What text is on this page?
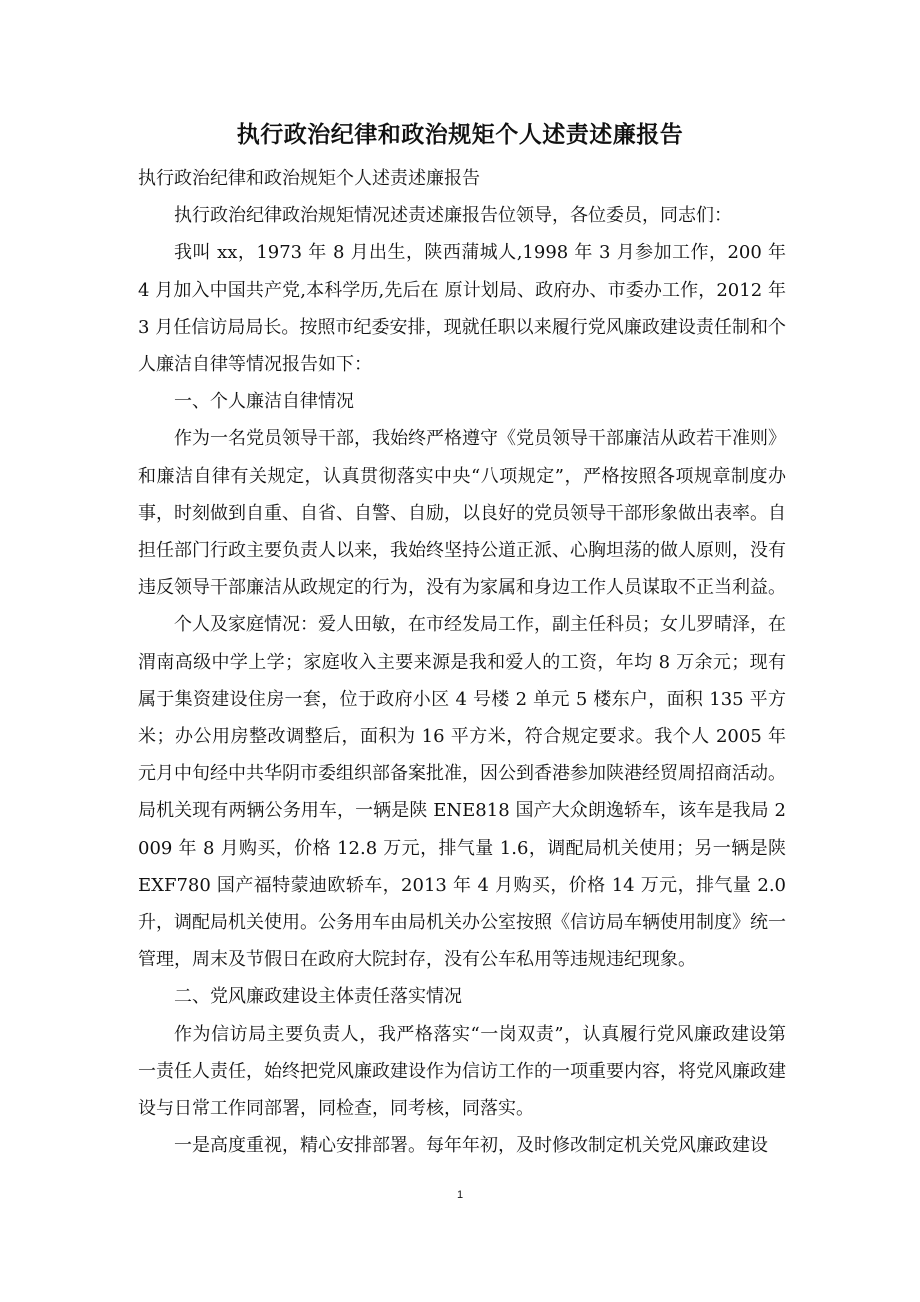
执行政治纪律和政治规矩个人述责述廉报告

执行政治纪律和政治规矩个人述责述廉报告

执行政治纪律政治规矩情况述责述廉报告位领导，各位委员，同志们：

我叫 xx，1973 年 8 月出生，陕西蒲城人,1998 年 3 月参加工作，200 年 4 月加入中国共产党,本科学历,先后在 原计划局、政府办、市委办工作，2012 年 3 月任信访局局长。按照市纪委安排，现就任职以来履行党风廉政建设责任制和个人廉洁自律等情况报告如下：

一、个人廉洁自律情况

作为一名党员领导干部，我始终严格遵守《党员领导干部廉洁从政若干准则》和廉洁自律有关规定，认真贯彻落实中央“八项规定”，严格按照各项规章制度办事，时刻做到自重、自省、自警、自励，以良好的党员领导干部形象做出表率。自担任部门行政主要负责人以来，我始终坚持公道正派、心胸坦荡的做人原则，没有违反领导干部廉洁从政规定的行为，没有为家属和身边工作人员谋取不正当利益。

个人及家庭情况：爱人田敏，在市经发局工作，副主任科员；女儿罗晴泽，在渭南高级中学上学；家庭收入主要来源是我和爱人的工资，年均 8 万余元；现有属于集资建设住房一套，位于政府小区 4 号楼 2 单元 5 楼东户，面积 135 平方米；办公用房整改调整后，面积为 16 平方米，符合规定要求。我个人 2005 年元月中旬经中共华阴市委组织部备案批准，因公到香港参加陕港经贸周招商活动。局机关现有两辆公务用车，一辆是陕 ENE818 国产大众朗逸轿车，该车是我局 2009 年 8 月购买，价格 12.8 万元，排气量 1.6，调配局机关使用；另一辆是陕 EXF780 国产福特蒙迪欧轿车，2013 年 4 月购买，价格 14 万元，排气量 2.0 升，调配局机关使用。公务用车由局机关办公室按照《信访局车辆使用制度》统一管理，周末及节假日在政府大院封存，没有公车私用等违规违纪现象。

二、党风廉政建设主体责任落实情况

作为信访局主要负责人，我严格落实“一岗双责”，认真履行党风廉政建设第一责任人责任，始终把党风廉政建设作为信访工作的一项重要内容，将党风廉政建设与日常工作同部署，同检查，同考核，同落实。

一是高度重视，精心安排部署。每年年初，及时修改制定机关党风廉政建设

1
